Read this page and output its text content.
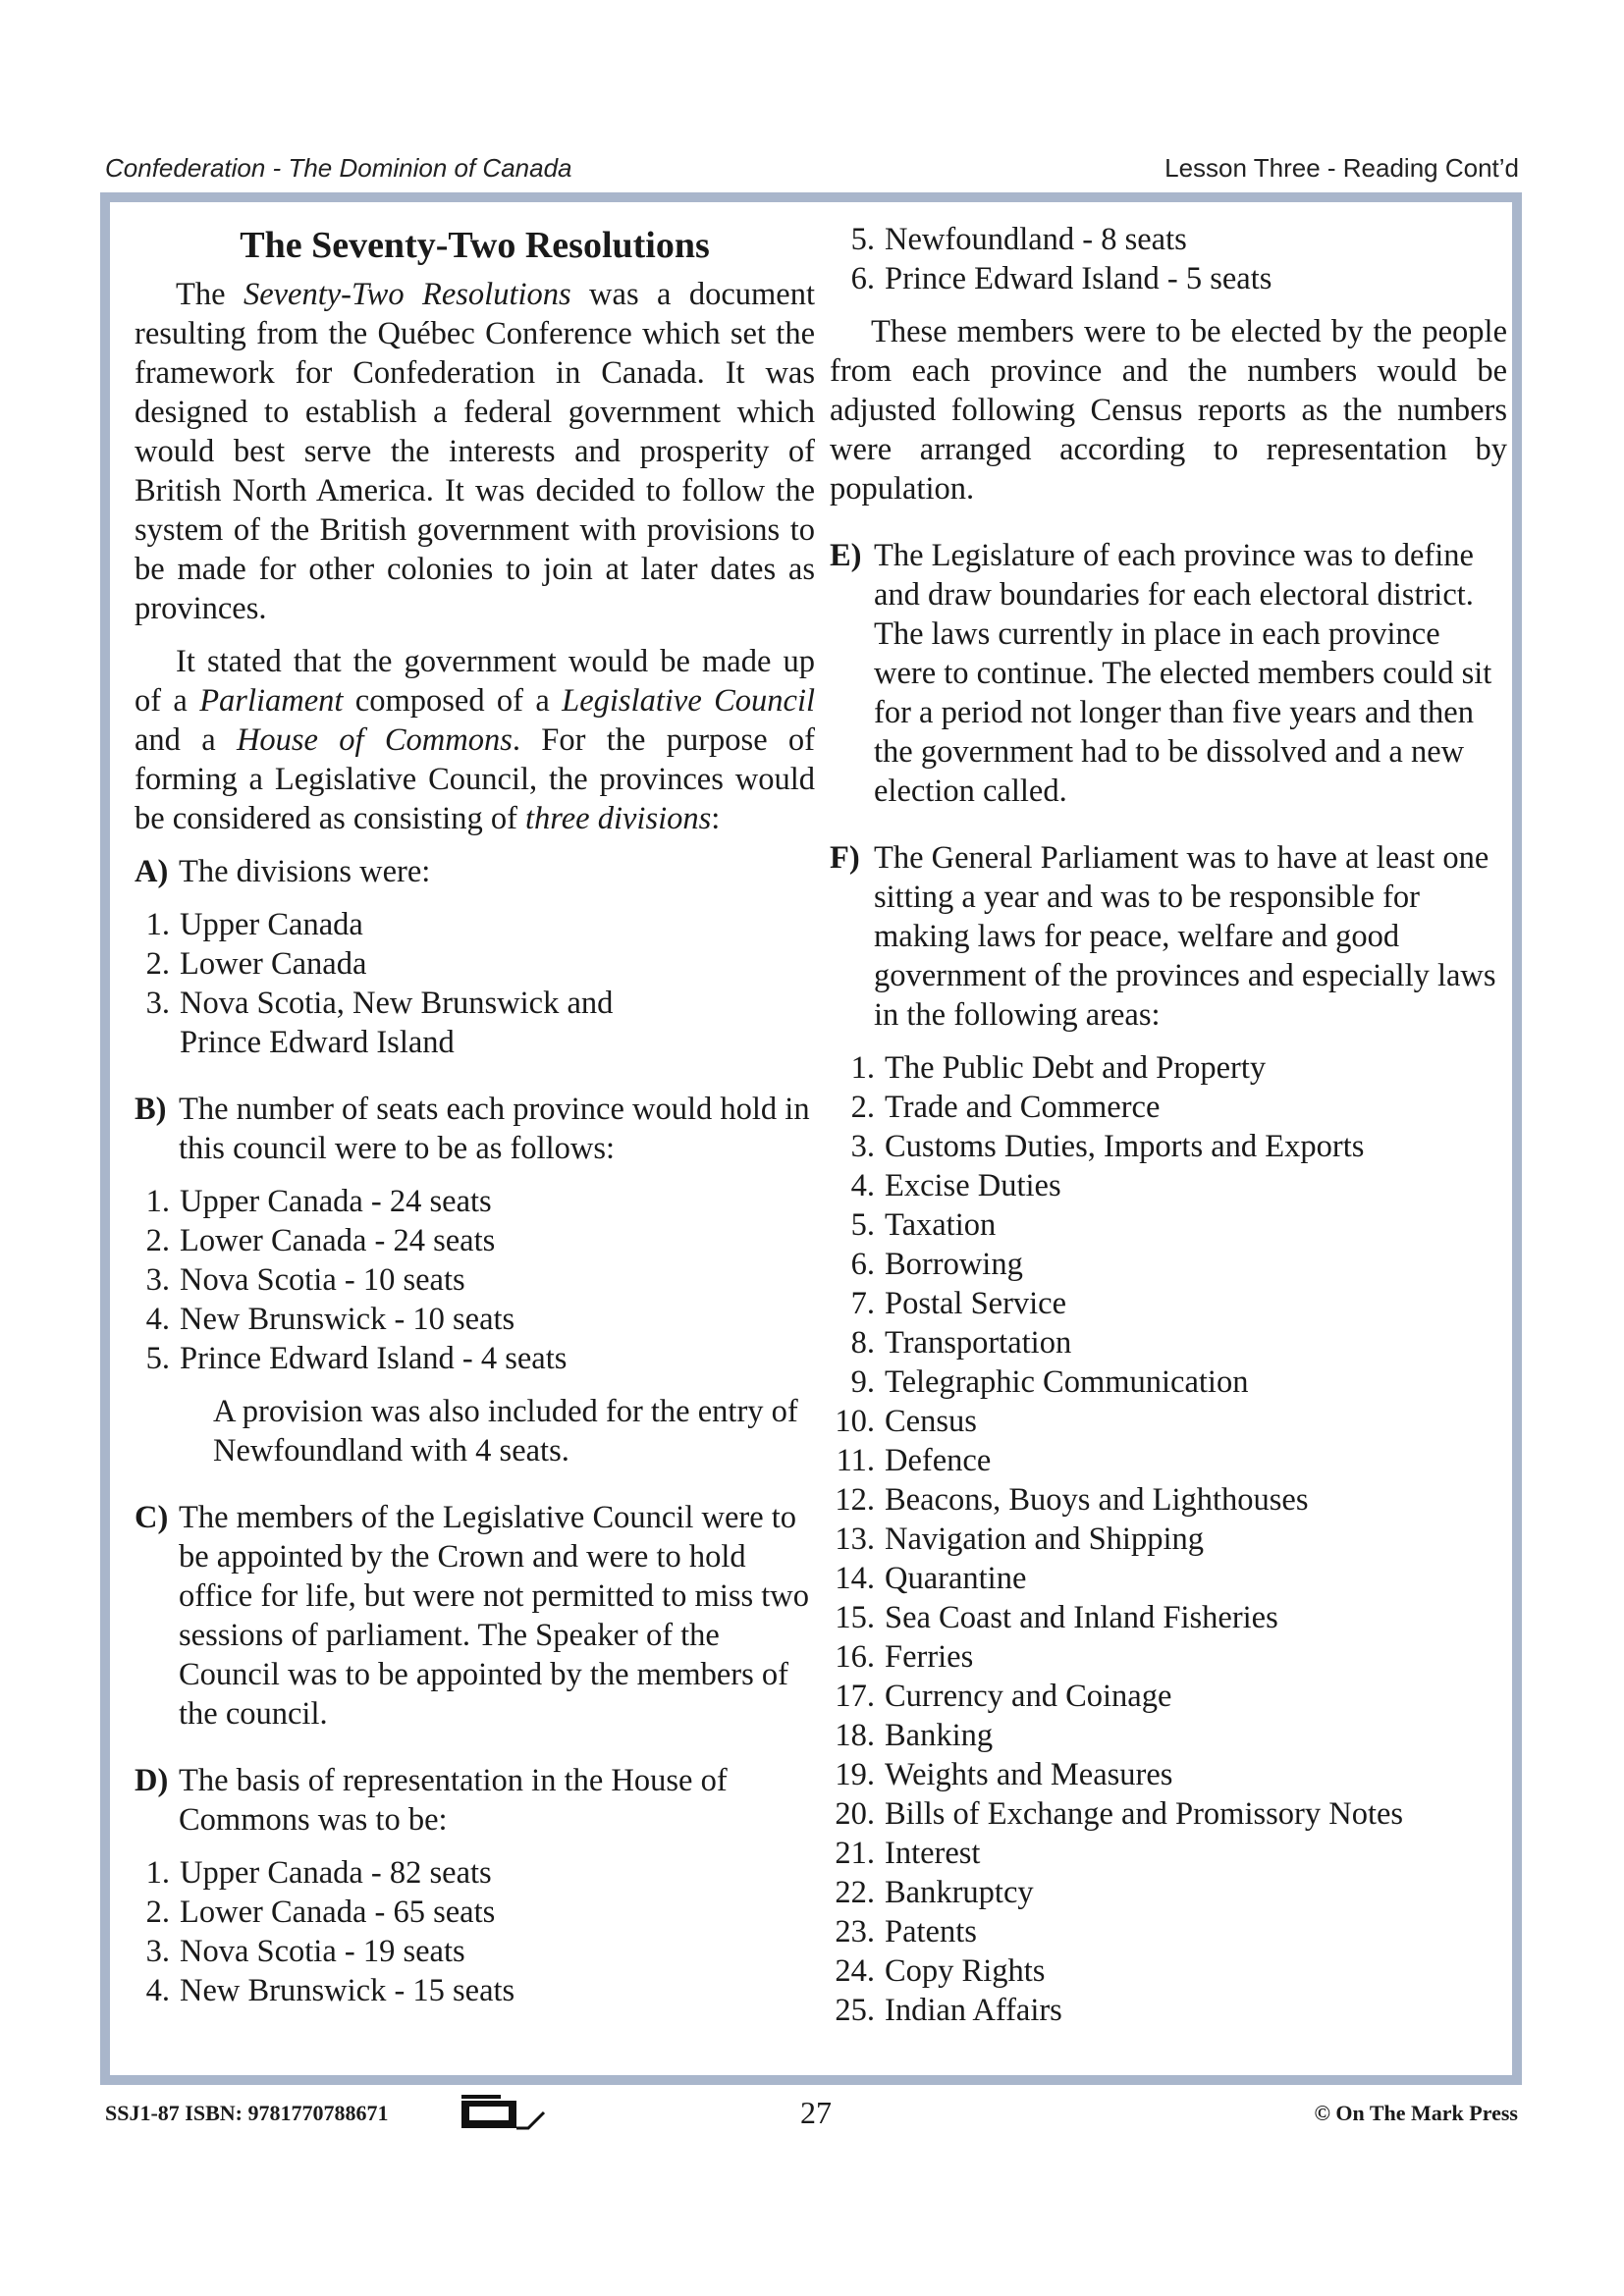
Confederation - The Dominion of Canada	Lesson Three - Reading Cont’d
The Seventy-Two Resolutions

The Seventy-Two Resolutions was a document resulting from the Québec Conference which set the framework for Confederation in Canada. It was designed to establish a federal government which would best serve the interests and prosperity of British North America. It was decided to follow the system of the British government with provisions to be made for other colonies to join at later dates as provinces.

It stated that the government would be made up of a Parliament composed of a Legislative Council and a House of Commons. For the purpose of forming a Legislative Council, the provinces would be considered as consisting of three divisions:

A) The divisions were:
1. Upper Canada
2. Lower Canada
3. Nova Scotia, New Brunswick and
Prince Edward Island
B) The number of seats each province would hold in this council were to be as follows:
1. Upper Canada - 24 seats
2. Lower Canada - 24 seats
3. Nova Scotia - 10 seats
4. New Brunswick - 10 seats
5. Prince Edward Island - 4 seats

A provision was also included for the entry of Newfoundland with 4 seats.

C) The members of the Legislative Council were to be appointed by the Crown and were to hold office for life, but were not permitted to miss two sessions of parliament. The Speaker of the Council was to be appointed by the members of the council.
D) The basis of representation in the House of Commons was to be:
1. Upper Canada - 82 seats
2. Lower Canada - 65 seats
3. Nova Scotia - 19 seats
4. New Brunswick - 15 seats
5. Newfoundland - 8 seats
6. Prince Edward Island - 5 seats

These members were to be elected by the people from each province and the numbers would be adjusted following Census reports as the numbers were arranged according to representation by population.

E) The Legislature of each province was to define and draw boundaries for each electoral district. The laws currently in place in each province were to continue. The elected members could sit for a period not longer than five years and then the government had to be dissolved and a new election called.
F) The General Parliament was to have at least one sitting a year and was to be responsible for making laws for peace, welfare and good government of the provinces and especially laws in the following areas:
1. The Public Debt and Property
2. Trade and Commerce
3. Customs Duties, Imports and Exports
4. Excise Duties
5. Taxation
6. Borrowing
7. Postal Service
8. Transportation
9. Telegraphic Communication
10. Census
11. Defence
12. Beacons, Buoys and Lighthouses
13. Navigation and Shipping
14. Quarantine
15. Sea Coast and Inland Fisheries
16. Ferries
17. Currency and Coinage
18. Banking
19. Weights and Measures
20. Bills of Exchange and Promissory Notes
21. Interest
22. Bankruptcy
23. Patents
24. Copy Rights
25. Indian Affairs
SSJ1-87 ISBN: 9781770788671	27	© On The Mark Press
